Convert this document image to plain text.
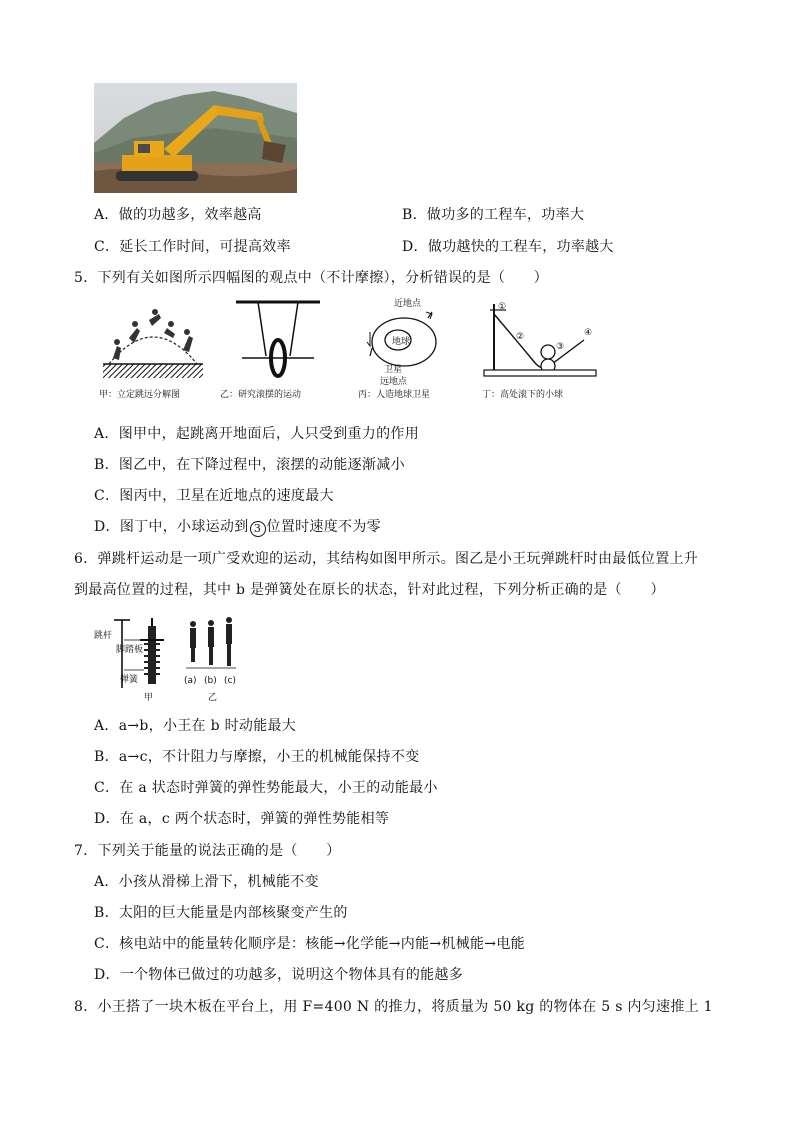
A．做的功越多，效率越高	B．做功多的工程车，功率大
C．延长工作时间，可提高效率	D．做功越快的工程车，功率越大
5．下列有关如图所示四幅图的观点中（不计摩擦），分析错误的是（　　）
甲：立定跳远分解图	乙：研究滚摆的运动
近地点
地球
卫星
远地点
丙：人造地球卫星
①
②
③
④
丁：高处滚下的小球
A．图甲中，起跳离开地面后，人只受到重力的作用
B．图乙中，在下降过程中，滚摆的动能逐渐减小
C．图丙中，卫星在近地点的速度最大
D．图丁中，小球运动到 3 位置时速度不为零
6．弹跳杆运动是一项广受欢迎的运动，其结构如图甲所示。图乙是小王玩弹跳杆时由最低位置上升
到最高位置的过程，其中 b 是弹簧处在原长的状态，针对此过程，下列分析正确的是（　　）
跳杆
脚踏板
弹簧
甲
(a) (b) (c)
乙
A．a→b，小王在 b 时动能最大
B．a→c，不计阻力与摩擦，小王的机械能保持不变
C．在 a 状态时弹簧的弹性势能最大，小王的动能最小
D．在 a，c 两个状态时，弹簧的弹性势能相等
7．下列关于能量的说法正确的是（　　）
A．小孩从滑梯上滑下，机械能不变
B．太阳的巨大能量是内部核聚变产生的
C．核电站中的能量转化顺序是：核能→化学能→内能→机械能→电能
D．一个物体已做过的功越多，说明这个物体具有的能越多
8．小王搭了一块木板在平台上，用 F=400 N 的推力，将质量为 50 kg 的物体在 5 s 内匀速推上 1
